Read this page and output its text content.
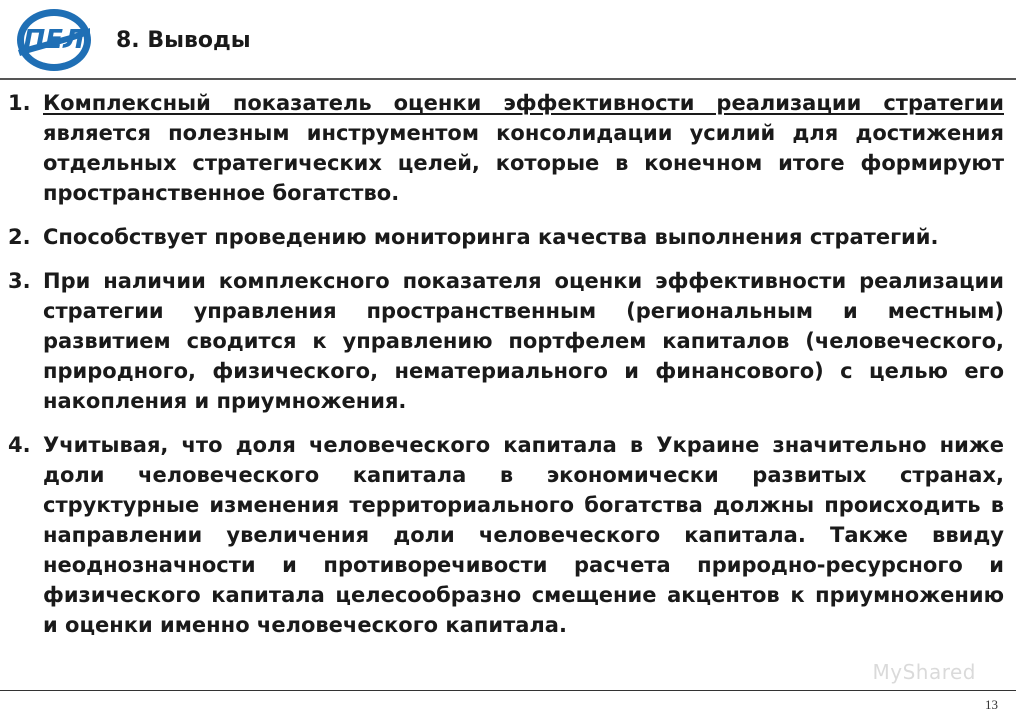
ПЕЛ 8. Выводы
1. Комплексный показатель оценки эффективности реализации стратегии является полезным инструментом консолидации усилий для достижения отдельных стратегических целей, которые в конечном итоге формируют пространственное богатство.
2. Способствует проведению мониторинга качества выполнения стратегий.
3. При наличии комплексного показателя оценки эффективности реализации стратегии управления пространственным (региональным и местным) развитием сводится к управлению портфелем капиталов (человеческого, природного, физического, нематериального и финансового) с целью его накопления и приумножения.
4. Учитывая, что доля человеческого капитала в Украине значительно ниже доли человеческого капитала в экономически развитых странах, структурные изменения территориального богатства должны происходить в направлении увеличения доли человеческого капитала. Также ввиду неоднозначности и противоречивости расчета природно-ресурсного и физического капитала целесообразно смещение акцентов к приумножению и оценки именно человеческого капитала.
MyShared
13
